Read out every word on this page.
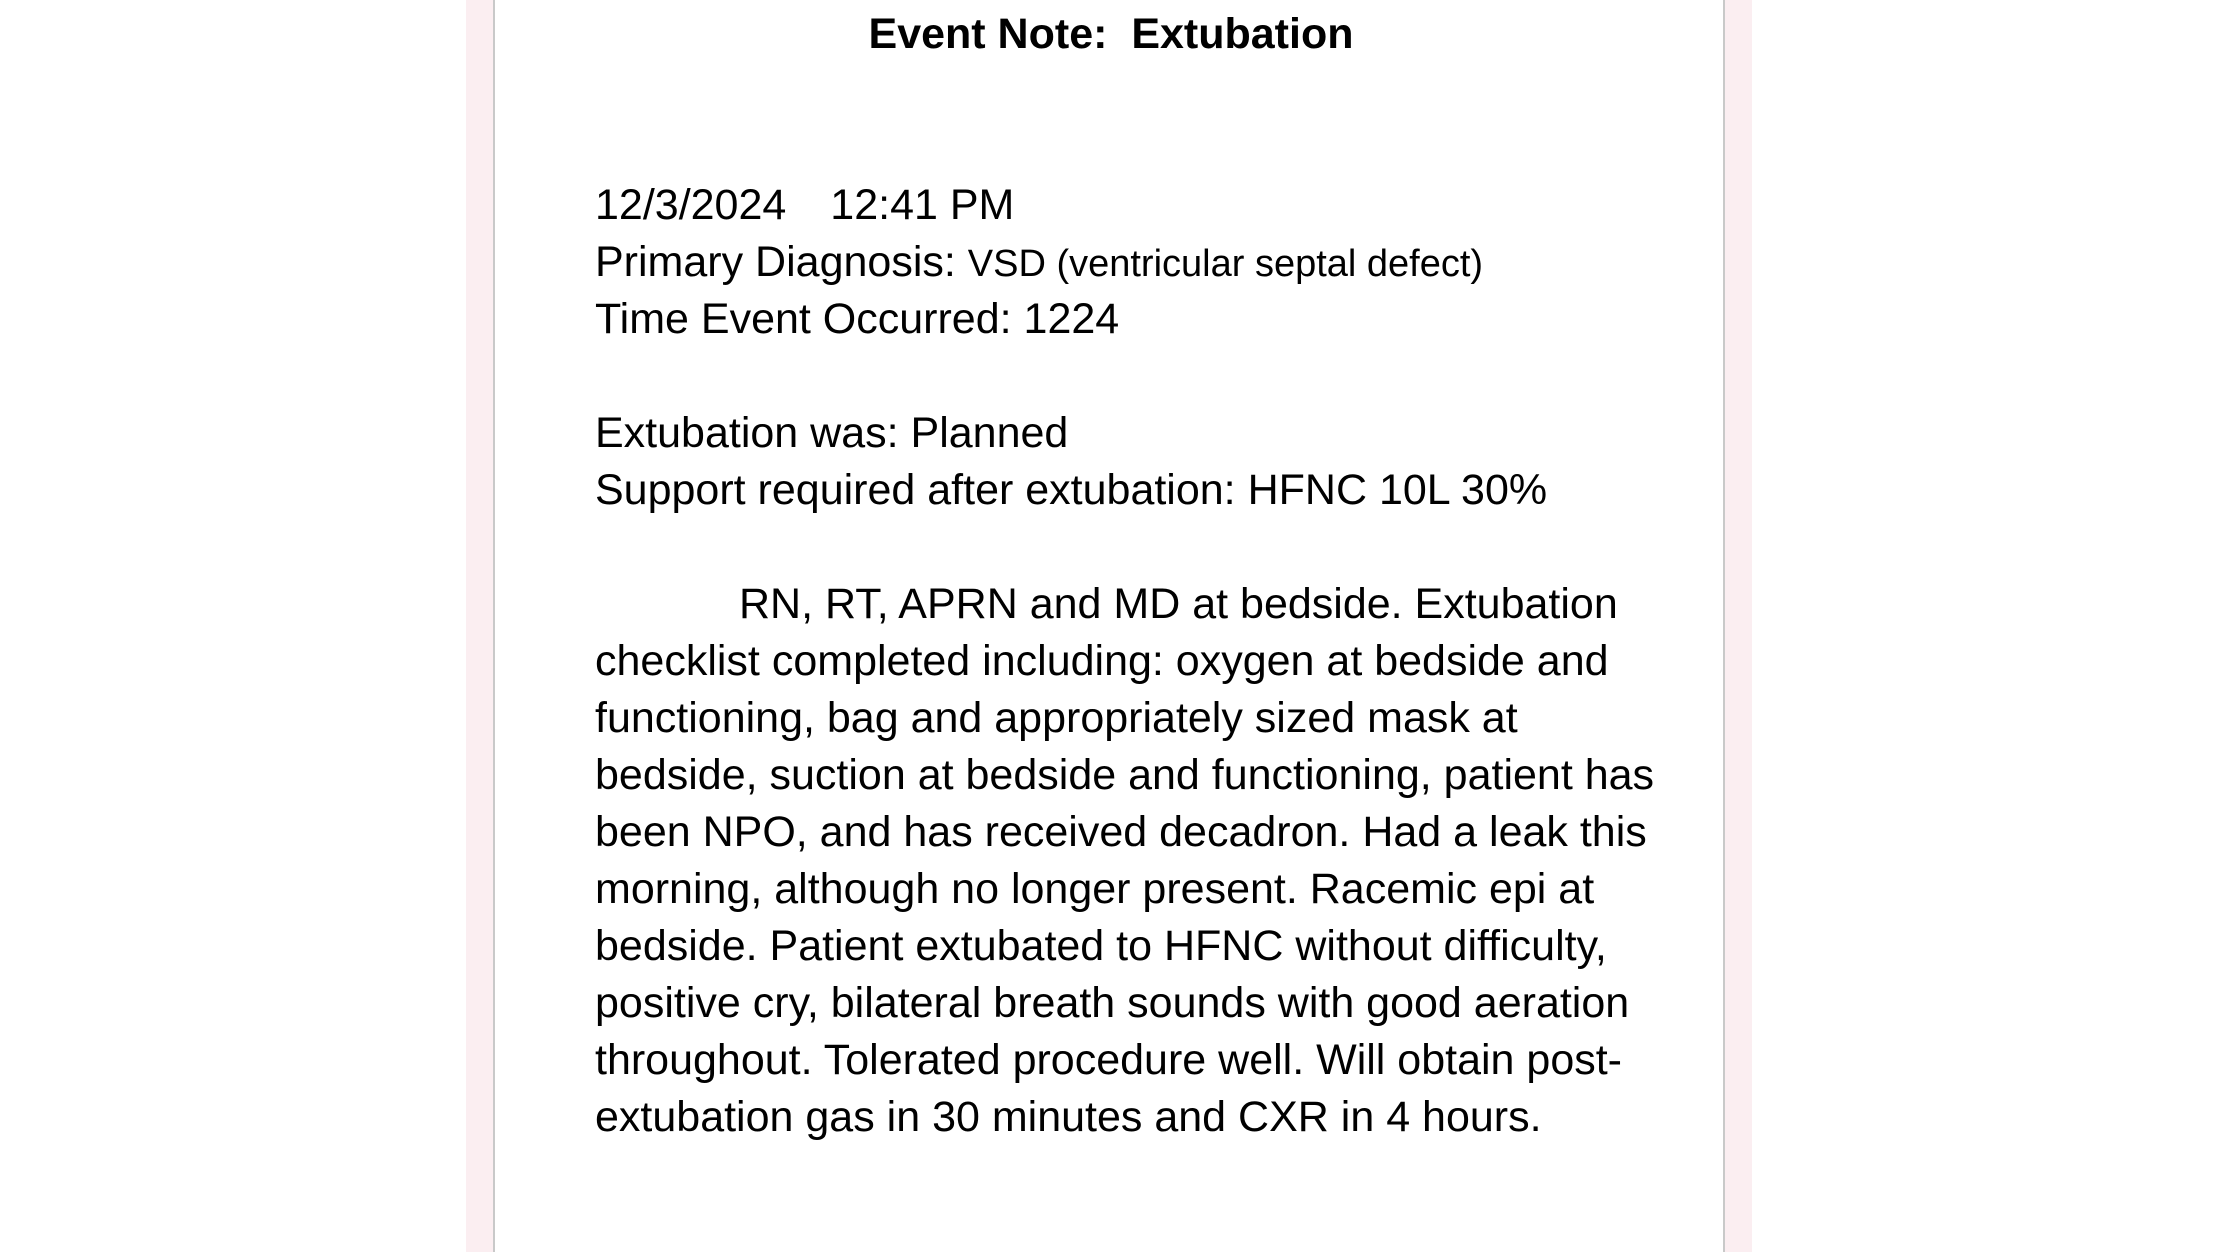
Event Note:  Extubation
12/3/2024 12:41 PM
Primary Diagnosis: VSD (ventricular septal defect)
Time Event Occurred: 1224
Extubation was: Planned
Support required after extubation: HFNC 10L 30%
RN, RT, APRN and MD at bedside. Extubation checklist completed including: oxygen at bedside and functioning, bag and appropriately sized mask at bedside, suction at bedside and functioning, patient has been NPO, and has received decadron. Had a leak this morning, although no longer present. Racemic epi at bedside. Patient extubated to HFNC without difficulty, positive cry, bilateral breath sounds with good aeration throughout. Tolerated procedure well. Will obtain post-extubation gas in 30 minutes and CXR in 4 hours.
